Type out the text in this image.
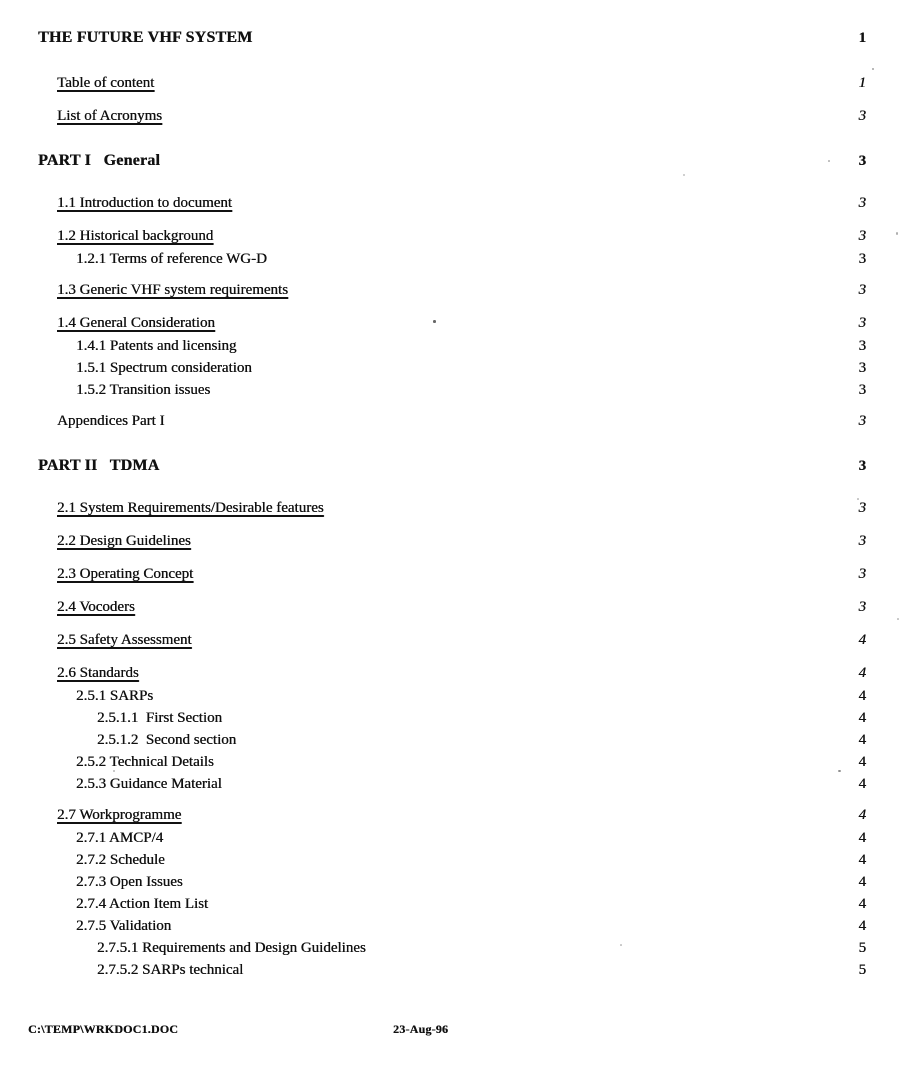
THE FUTURE VHF SYSTEM	1
Table of content	1
List of Acronyms	3
PART I   General	3
1.1 Introduction to document	3
1.2 Historical background	3
1.2.1 Terms of reference WG-D	3
1.3 Generic VHF system requirements	3
1.4 General Consideration	3
1.4.1 Patents and licensing	3
1.5.1 Spectrum consideration	3
1.5.2 Transition issues	3
Appendices Part I	3
PART II   TDMA	3
2.1 System Requirements/Desirable features	3
2.2 Design Guidelines	3
2.3 Operating Concept	3
2.4 Vocoders	3
2.5 Safety Assessment	4
2.6 Standards	4
2.5.1 SARPs	4
2.5.1.1  First Section	4
2.5.1.2  Second section	4
2.5.2 Technical Details	4
2.5.3 Guidance Material	4
2.7 Workprogramme	4
2.7.1 AMCP/4	4
2.7.2 Schedule	4
2.7.3 Open Issues	4
2.7.4 Action Item List	4
2.7.5 Validation	4
2.7.5.1 Requirements and Design Guidelines	5
2.7.5.2 SARPs technical	5
C:\TEMP\WRKDOC1.DOC	23-Aug-96
